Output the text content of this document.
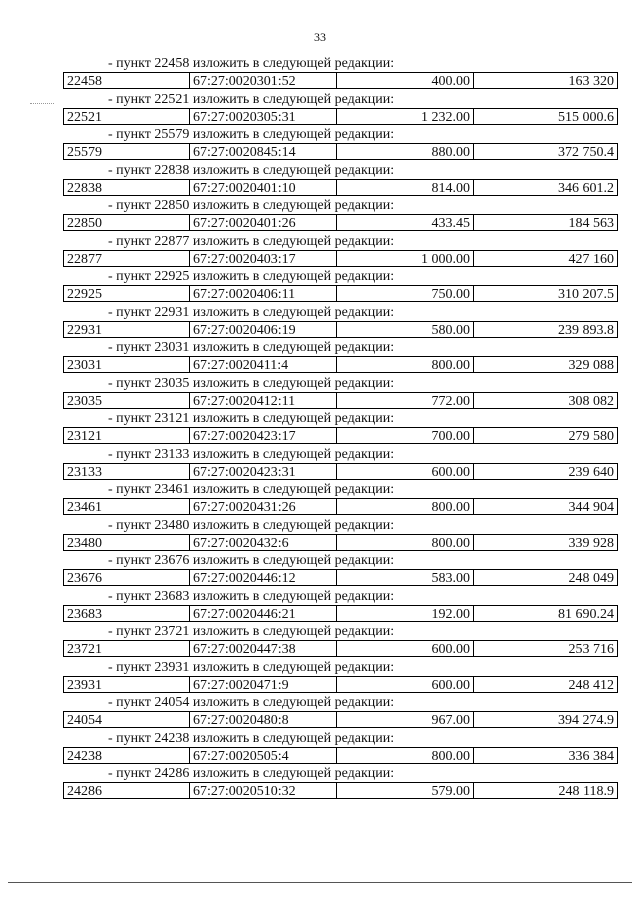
33
- пункт 22458 изложить в следующей редакции:
22458	67:27:0020301:52	400.00	163 320
- пункт 22521 изложить в следующей редакции:
22521	67:27:0020305:31	1 232.00	515 000.6
- пункт 25579 изложить в следующей редакции:
25579	67:27:0020845:14	880.00	372 750.4
- пункт 22838 изложить в следующей редакции:
22838	67:27:0020401:10	814.00	346 601.2
- пункт 22850 изложить в следующей редакции:
22850	67:27:0020401:26	433.45	184 563
- пункт 22877 изложить в следующей редакции:
22877	67:27:0020403:17	1 000.00	427 160
- пункт 22925 изложить в следующей редакции:
22925	67:27:0020406:11	750.00	310 207.5
- пункт 22931 изложить в следующей редакции:
22931	67:27:0020406:19	580.00	239 893.8
- пункт 23031 изложить в следующей редакции:
23031	67:27:0020411:4	800.00	329 088
- пункт 23035 изложить в следующей редакции:
23035	67:27:0020412:11	772.00	308 082
- пункт 23121 изложить в следующей редакции:
23121	67:27:0020423:17	700.00	279 580
- пункт 23133 изложить в следующей редакции:
23133	67:27:0020423:31	600.00	239 640
- пункт 23461 изложить в следующей редакции:
23461	67:27:0020431:26	800.00	344 904
- пункт 23480 изложить в следующей редакции:
23480	67:27:0020432:6	800.00	339 928
- пункт 23676 изложить в следующей редакции:
23676	67:27:0020446:12	583.00	248 049
- пункт 23683 изложить в следующей редакции:
23683	67:27:0020446:21	192.00	81 690.24
- пункт 23721 изложить в следующей редакции:
23721	67:27:0020447:38	600.00	253 716
- пункт 23931 изложить в следующей редакции:
23931	67:27:0020471:9	600.00	248 412
- пункт 24054 изложить в следующей редакции:
24054	67:27:0020480:8	967.00	394 274.9
- пункт 24238 изложить в следующей редакции:
24238	67:27:0020505:4	800.00	336 384
- пункт 24286 изложить в следующей редакции:
24286	67:27:0020510:32	579.00	248 118.9
